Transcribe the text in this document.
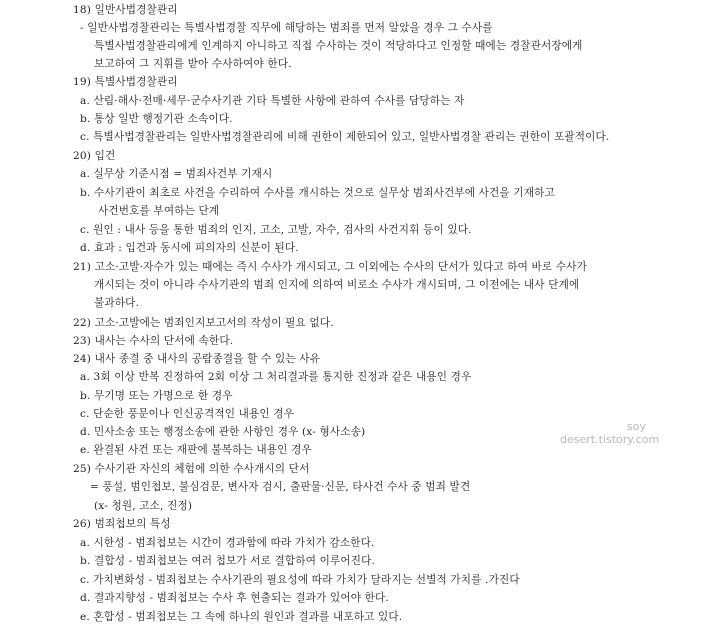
18) 일반사법경찰관리
- 일반사법경찰관리는 특별사법경찰 직무에 해당하는 범죄를 먼저 알았을 경우 그 수사를
특별사법경찰관리에게 인계하지 아니하고 직접 수사하는 것이 적당하다고 인정할 때에는 경찰관서장에게
보고하여 그 지휘를 받아 수사하여야 한다.
19) 특별사법경찰관리
a. 산림·해사·전매·세무·군수사기관 기타 특별한 사항에 관하여 수사를 담당하는 자
b. 통상 일반 행정기관 소속이다.
c. 특별사법경찰관리는 일반사법경찰관리에 비해 권한이 제한되어 있고, 일반사법경찰 관리는 권한이 포괄적이다.
20) 입건
a. 실무상 기준시점 = 범죄사건부 기재시
b. 수사기관이 최초로 사건을 수리하여 수사를 개시하는 것으로 실무상 범죄사건부에 사건을 기재하고
사건번호를 부여하는 단계
c. 원인 : 내사 등을 통한 범죄의 인지, 고소, 고발, 자수, 검사의 사건지휘 등이 있다.
d. 효과 : 입건과 동시에 피의자의 신분이 된다.
21) 고소·고발·자수가 있는 때에는 즉시 수사가 개시되고, 그 이외에는 수사의 단서가 있다고 하여 바로 수사가
개시되는 것이 아니라 수사기관의 범죄 인지에 의하여 비로소 수사가 개시되며, 그 이전에는 내사 단계에
불과하다.
22) 고소·고발에는 범죄인지보고서의 작성이 필요 없다.
23) 내사는 수사의 단서에 속한다.
24) 내사 종결 중 내사의 공람종결을 할 수 있는 사유
a. 3회 이상 반복 진정하여 2회 이상 그 처리결과를 통지한 진정과 같은 내용인 경우
b. 무기명 또는 가명으로 한 경우
c. 단순한 풍문이나 인신공격적인 내용인 경우
d. 민사소송 또는 행정소송에 관한 사항인 경우 (x- 형사소송)
e. 완결된 사건 또는 재판에 불복하는 내용인 경우
25) 수사기관 자신의 체험에 의한 수사개시의 단서
= 풍설, 범인첩보, 불심검문, 변사자 검시, 출판물·신문, 타사건 수사 중 범죄 발견
(x- 청원, 고소, 진정)
26) 범죄첩보의 특성
a. 시한성 - 범죄첩보는 시간이 경과함에 따라 가치가 감소한다.
b. 결합성 - 범죄첩보는 여러 첩보가 서로 결합하여 이루어진다.
c. 가치변화성 - 범죄첩보는 수사기관의 필요성에 따라 가치가 달라지는 선별적 가치를 .가진다
d. 결과지향성 - 범죄첩보는 수사 후 현출되는 결과가 있어야 한다.
e. 혼합성 - 범죄첩보는 그 속에 하나의 원인과 결과를 내포하고 있다.
soy
desert.tistory.com
